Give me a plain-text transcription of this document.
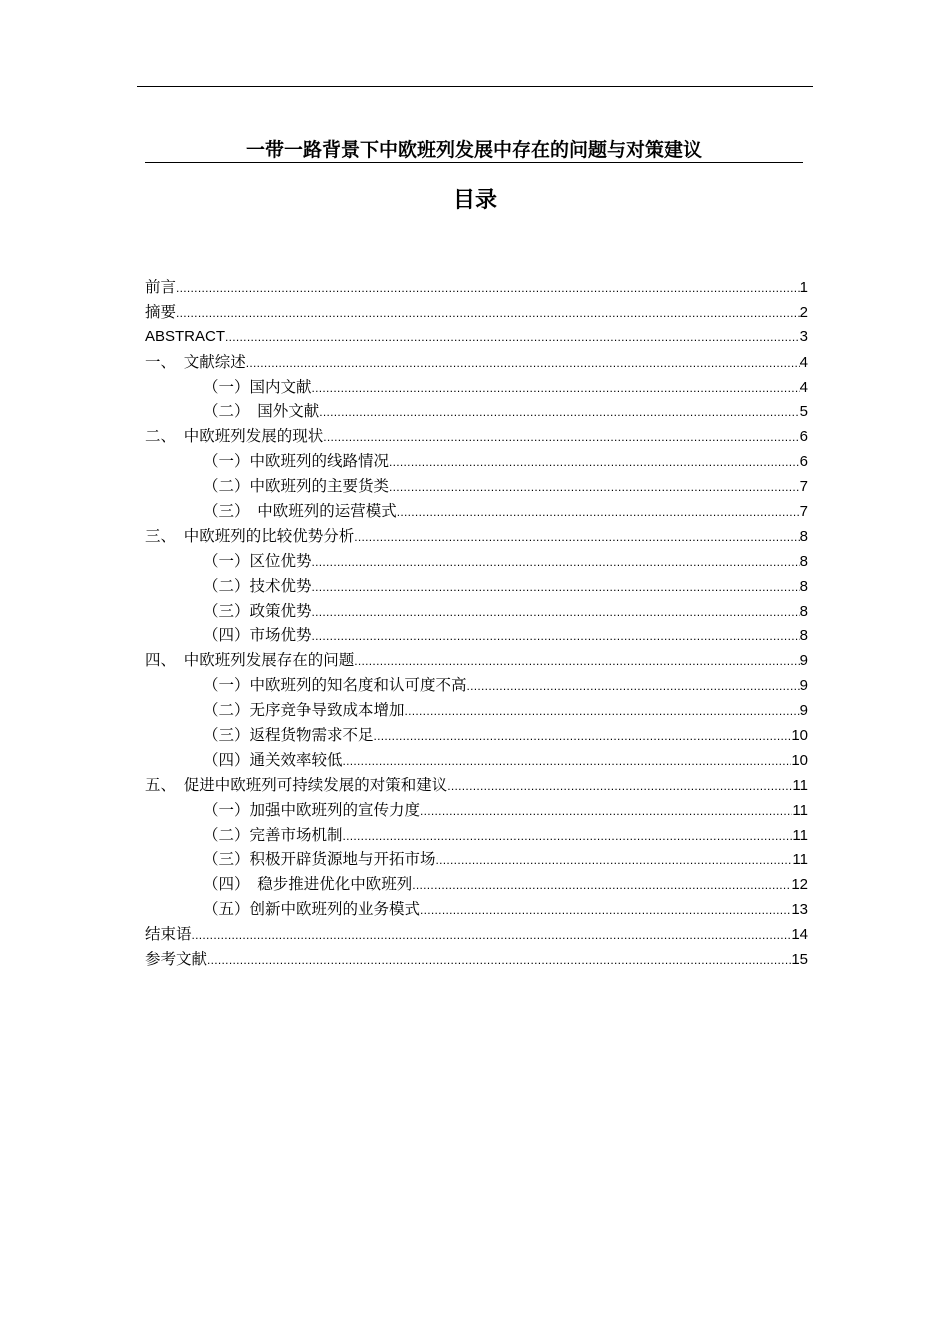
一带一路背景下中欧班列发展中存在的问题与对策建议
目录
前言 .....	1
摘要 .....	2
ABSTRACT .....	3
一、　文献综述 .....	4
（一）国内文献 .....	4
（二）　国外文献 .....	5
二、　中欧班列发展的现状 .....	6
（一）中欧班列的线路情况 .....	6
（二）中欧班列的主要货类 .....	7
（三）　中欧班列的运营模式 .....	7
三、　中欧班列的比较优势分析 .....	8
（一）区位优势 .....	8
（二）技术优势 .....	8
（三）政策优势 .....	8
（四）市场优势 .....	8
四、　中欧班列发展存在的问题 .....	9
（一）中欧班列的知名度和认可度不高 .....	9
（二）无序竞争导致成本增加 .....	9
（三）返程货物需求不足 .....	10
（四）通关效率较低 .....	10
五、　促进中欧班列可持续发展的对策和建议 .....	11
（一）加强中欧班列的宣传力度 .....	11
（二）完善市场机制 .....	11
（三）积极开辟货源地与开拓市场 .....	11
（四）　稳步推进优化中欧班列 .....	12
（五）创新中欧班列的业务模式 .....	13
结束语 .....	14
参考文献 .....	15
